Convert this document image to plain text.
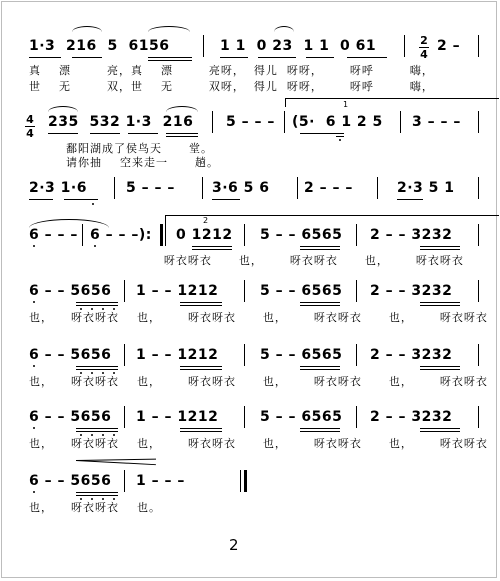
1·3  216  5  6156	1 1  0 23  1 1  0 61	2
4
2 –
真    漂        亮，真    漂        亮呀，  得儿  呀呀，      呀呼        嗨，
世    无        双，世    无        双呀，  得儿  呀呀，      呀呼        嗨，
4
4
235  532 1·3  216 5 – – –
1
(5·  6 1 2 5 3 – – –
鄱阳湖成了侯鸟天      堂。
请你抽    空来走一      趟。
2·3 1·6	5 – – –	3·6 5 6 2 – – –	2·3 5 1
6 – – – 6 – – –):
2
0 1212 5 – – 6565 2 – – 3232
呀衣呀衣      也，      呀衣呀衣      也，      呀衣呀衣
6 – – 5656 1 – – 1212	5 – – 6565 2 – – 3232
也，    呀衣呀衣    也，      呀衣呀衣      也，      呀衣呀衣      也，      呀衣呀衣
6 – – 5656 1 – – 1212	5 – – 6565 2 – – 3232
也，    呀衣呀衣    也，      呀衣呀衣      也，      呀衣呀衣      也，      呀衣呀衣
6 – – 5656 1 – – 1212	5 – – 6565 2 – – 3232
也，    呀衣呀衣    也，      呀衣呀衣      也，      呀衣呀衣      也，      呀衣呀衣
6 – – 5656 1 – – –
也，    呀衣呀衣    也。
2
